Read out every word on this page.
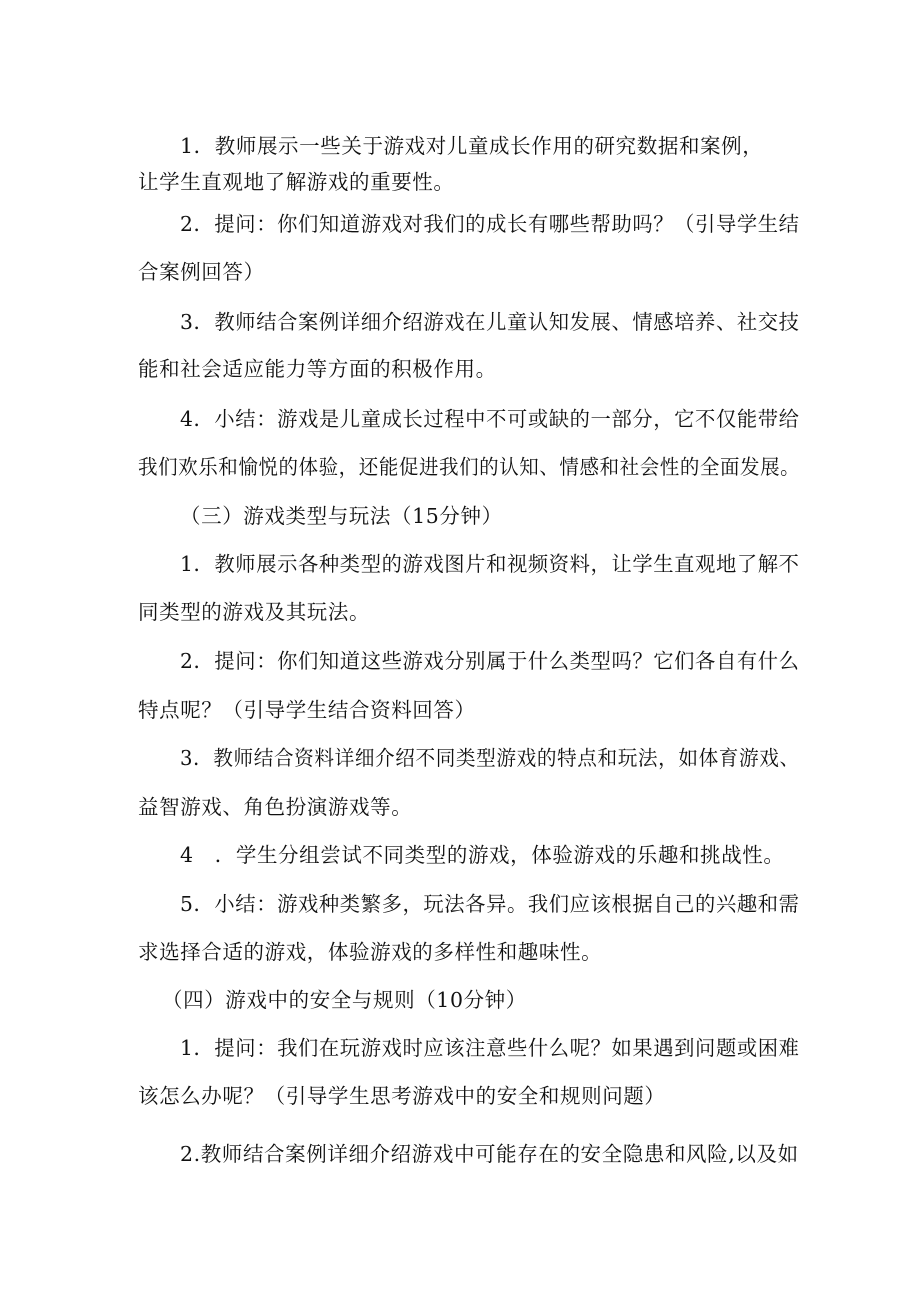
1．教师展示一些关于游戏对儿童成长作用的研究数据和案例，
让学生直观地了解游戏的重要性。
2．提问：你们知道游戏对我们的成长有哪些帮助吗？（引导学生结
合案例回答）
3．教师结合案例详细介绍游戏在儿童认知发展、情感培养、社交技
能和社会适应能力等方面的积极作用。
4．小结：游戏是儿童成长过程中不可或缺的一部分，它不仅能带给
我们欢乐和愉悦的体验，还能促进我们的认知、情感和社会性的全面发展。
（三）游戏类型与玩法（15分钟）
1．教师展示各种类型的游戏图片和视频资料，让学生直观地了解不
同类型的游戏及其玩法。
2．提问：你们知道这些游戏分别属于什么类型吗？它们各自有什么
特点呢？（引导学生结合资料回答）
3．教师结合资料详细介绍不同类型游戏的特点和玩法，如体育游戏、
益智游戏、角色扮演游戏等。
4　．学生分组尝试不同类型的游戏，体验游戏的乐趣和挑战性。
5．小结：游戏种类繁多，玩法各异。我们应该根据自己的兴趣和需
求选择合适的游戏，体验游戏的多样性和趣味性。
（四）游戏中的安全与规则（10分钟）
1．提问：我们在玩游戏时应该注意些什么呢？如果遇到问题或困难
该怎么办呢？（引导学生思考游戏中的安全和规则问题）
2.教师结合案例详细介绍游戏中可能存在的安全隐患和风险,以及如
